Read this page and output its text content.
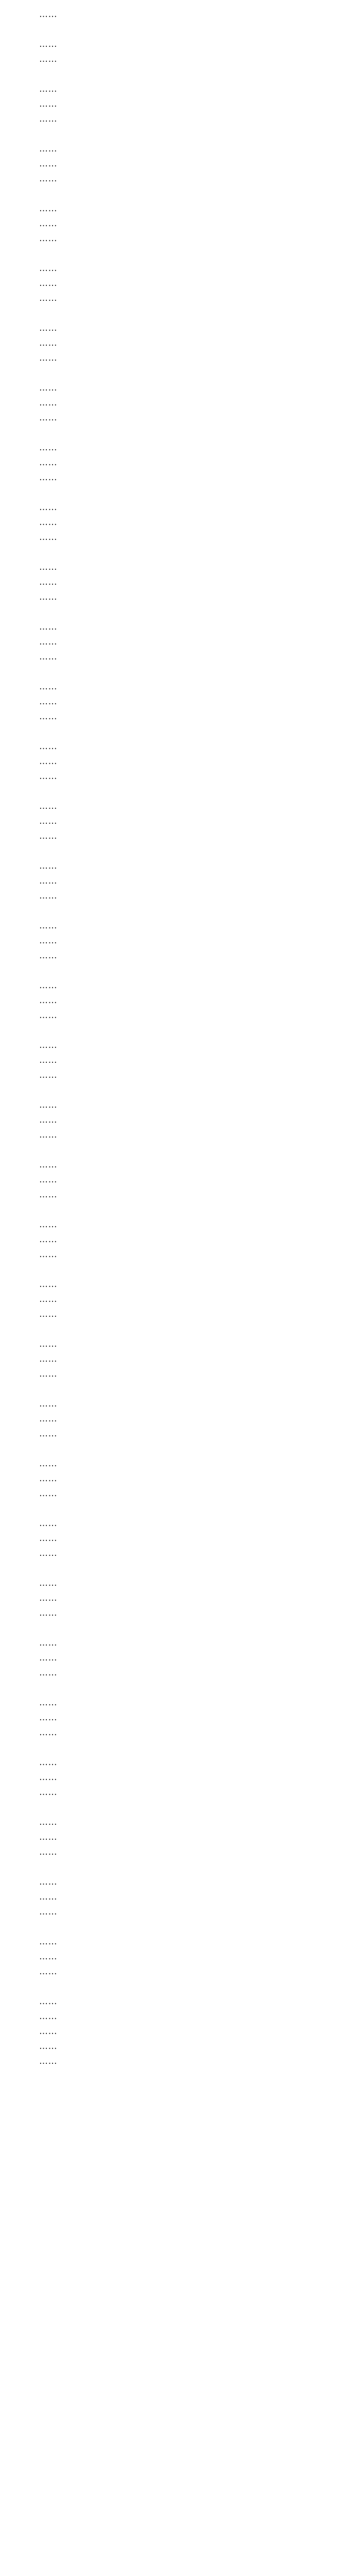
……

……

……

……

……

……

……

……

……

……

……

……

……

……

……

……

……

……

……

……

……

……

……

……

……

……

……

……

……

……

……

……

……

……

……

……

……

……

……

……

……

……

……

……

……

……

……

……

……

……

……

……

……

……

……

……

……

……

……

……

……

……

……

……

……

……

……

……

……

……

……

……

……

……

……

……

……

……

……

……

……

……

……

……

……

……

……

……

……

……

……

……

……

……

……

……

……

……

……

……

……

……

……

……
